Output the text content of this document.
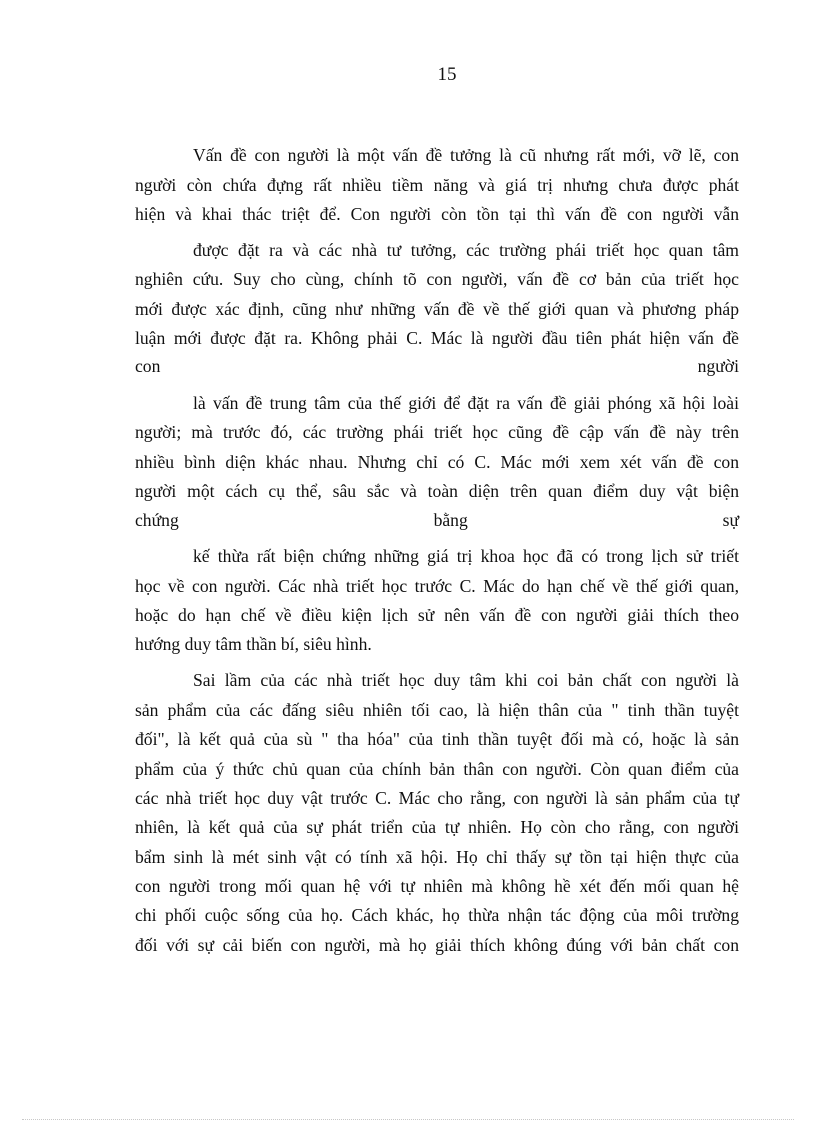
15
Vấn đề con người là một vấn đề tưởng là cũ nhưng rất mới, vỡ lẽ, con
người còn chứa đựng rất nhiều tiềm năng và giá trị nhưng chưa được phát
hiện và khai thác triệt để. Con người còn tồn tại thì vấn đề con người vẫn
được đặt ra và các nhà tư tưởng, các trường phái triết học quan tâm
nghiên cứu. Suy cho cùng, chính tõ con người, vấn đề cơ bản của triết học
mới được xác định, cũng như những vấn đề về thế giới quan và phương pháp
luận mới được đặt ra. Không phải C. Mác là người đầu tiên phát hiện vấn đề
con	người
là vấn đề trung tâm của thế giới để đặt ra vấn đề giải phóng xã hội loài
người; mà trước đó, các trường phái triết học cũng đề cập vấn đề này trên
nhiều bình diện khác nhau. Nhưng chỉ có C. Mác mới xem xét vấn đề con
người một cách cụ thể, sâu sắc và toàn diện trên quan điểm duy vật biện
chứng	bằng	sự
kế thừa rất biện chứng những giá trị khoa học đã có trong lịch sử triết
học về con người. Các nhà triết học trước C. Mác do hạn chế về thế giới quan,
hoặc do hạn chế về điều kiện lịch sử nên vấn đề con người giải thích theo
hướng duy tâm thần bí, siêu hình.
Sai lầm của các nhà triết học duy tâm khi coi bản chất con người là
sản phẩm của các đấng siêu nhiên tối cao, là hiện thân của " tinh thần tuyệt
đối", là kết quả của sù " tha hóa" của tinh thần tuyệt đối mà có, hoặc là sản
phẩm của ý thức chủ quan của chính bản thân con người. Còn quan điểm của
các nhà triết học duy vật trước C. Mác cho rằng, con người là sản phẩm của tự
nhiên, là kết quả của sự phát triển của tự nhiên. Họ còn cho rằng, con người
bẩm sinh là mét sinh vật có tính xã hội. Họ chỉ thấy sự tồn tại hiện thực của
con người trong mối quan hệ với tự nhiên mà không hề xét đến mối quan hệ
chi phối cuộc sống của họ. Cách khác, họ thừa nhận tác động của môi trường
đối với sự cải biến con người, mà họ giải thích không đúng với bản chất con
